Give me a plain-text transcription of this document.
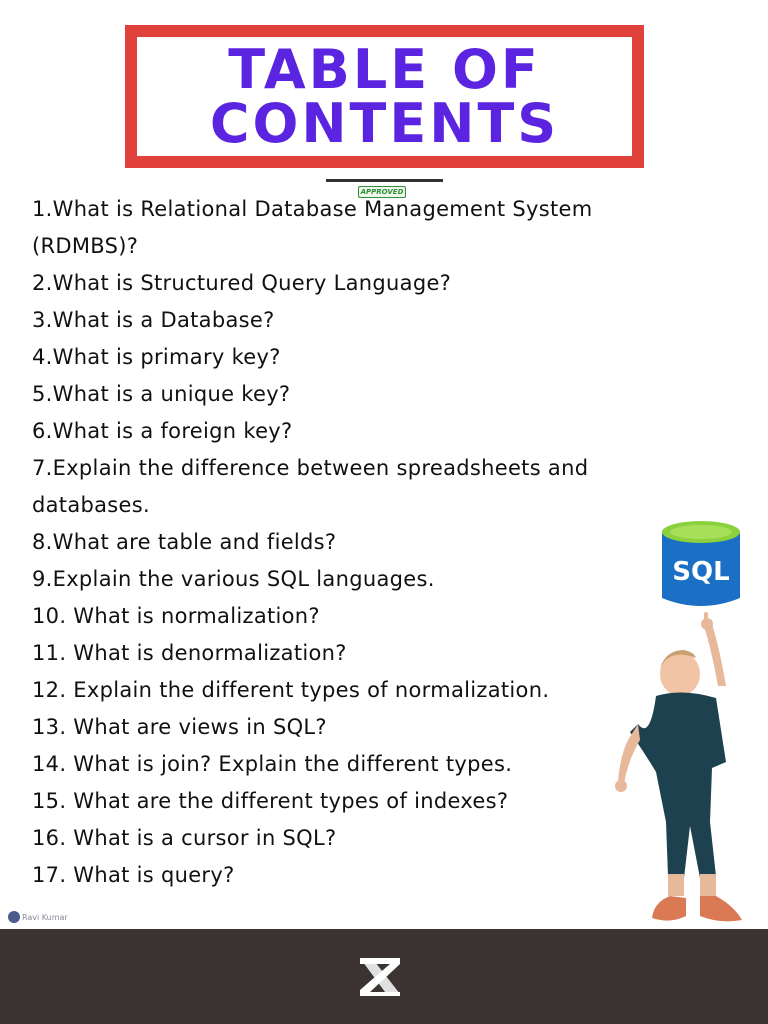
TABLE OF
CONTENTS
APPROVED
1.What is Relational Database Management System (RDMBS)?
2.What is Structured Query Language?
3.What is a Database?
4.What is primary key?
5.What is a unique key?
6.What is a foreign key?
7.Explain the difference between spreadsheets and databases.
8.What are table and fields?
9.Explain the various SQL languages.
10. What is normalization?
11. What is denormalization?
12. Explain the different types of normalization.
13. What are views in SQL?
14. What is join? Explain the different types.
15. What are the different types of indexes?
16. What is a cursor in SQL?
17. What is query?
SQL
Ravi Kumar
